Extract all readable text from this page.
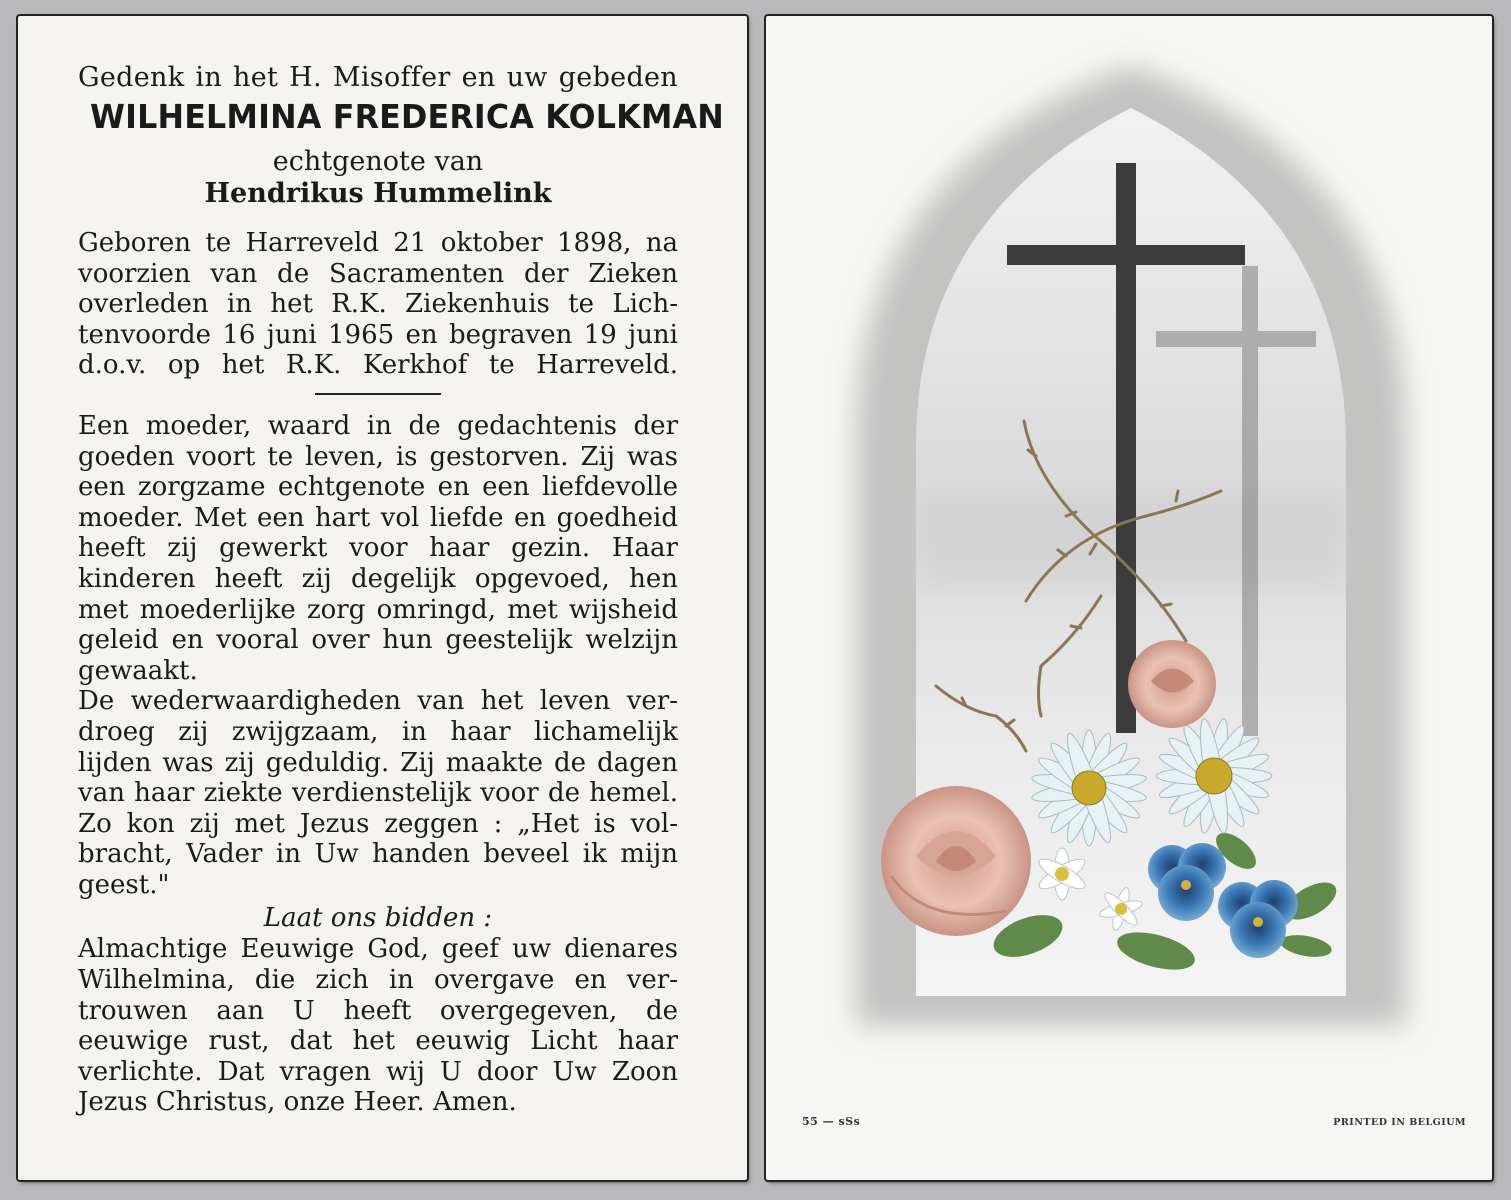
Gedenk in het H. Misoffer en uw gebeden
WILHELMINA FREDERICA KOLKMAN
echtgenote van
Hendrikus Hummelink
Geboren te Harreveld 21 oktober 1898, na
voorzien van de Sacramenten der Zieken
overleden in het R.K. Ziekenhuis te Lich-
tenvoorde 16 juni 1965 en begraven 19 juni
d.o.v. op het R.K. Kerkhof te Harreveld.
Een moeder, waard in de gedachtenis der
goeden voort te leven, is gestorven. Zij was
een zorgzame echtgenote en een liefdevolle
moeder. Met een hart vol liefde en goedheid
heeft zij gewerkt voor haar gezin. Haar
kinderen heeft zij degelijk opgevoed, hen
met moederlijke zorg omringd, met wijsheid
geleid en vooral over hun geestelijk welzijn
gewaakt.
De wederwaardigheden van het leven ver-
droeg zij zwijgzaam, in haar lichamelijk
lijden was zij geduldig. Zij maakte de dagen
van haar ziekte verdienstelijk voor de hemel.
Zo kon zij met Jezus zeggen : „Het is vol-
bracht, Vader in Uw handen beveel ik mijn
geest."
Laat ons bidden :
Almachtige Eeuwige God, geef uw dienares
Wilhelmina, die zich in overgave en ver-
trouwen aan U heeft overgegeven, de
eeuwige rust, dat het eeuwig Licht haar
verlichte. Dat vragen wij U door Uw Zoon
Jezus Christus, onze Heer. Amen.
55 — sSs	PRINTED IN BELGIUM
